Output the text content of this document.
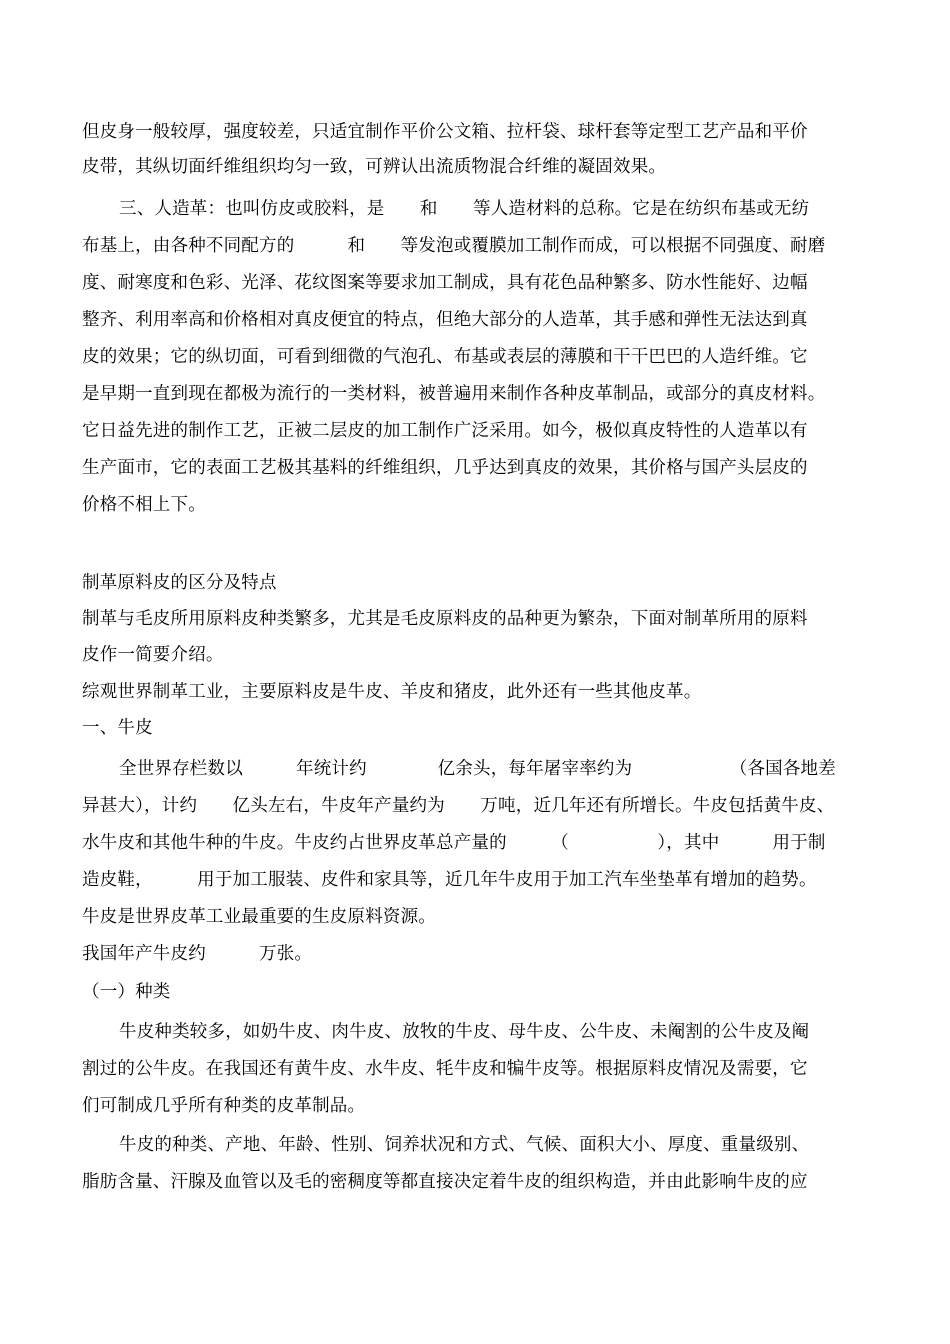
但皮身一般较厚，强度较差，只适宜制作平价公文箱、拉杆袋、球杆套等定型工艺产品和平价
皮带，其纵切面纤维组织均匀一致，可辨认出流质物混合纤维的凝固效果。
三、人造革：也叫仿皮或胶料，是　　和　　等人造材料的总称。它是在纺织布基或无纺
布基上，由各种不同配方的　　　和　　等发泡或覆膜加工制作而成，可以根据不同强度、耐磨
度、耐寒度和色彩、光泽、花纹图案等要求加工制成，具有花色品种繁多、防水性能好、边幅
整齐、利用率高和价格相对真皮便宜的特点，但绝大部分的人造革，其手感和弹性无法达到真
皮的效果；它的纵切面，可看到细微的气泡孔、布基或表层的薄膜和干干巴巴的人造纤维。它
是早期一直到现在都极为流行的一类材料，被普遍用来制作各种皮革制品，或部分的真皮材料。
它日益先进的制作工艺，正被二层皮的加工制作广泛采用。如今，极似真皮特性的人造革以有
生产面市，它的表面工艺极其基料的纤维组织，几乎达到真皮的效果，其价格与国产头层皮的
价格不相上下。
制革原料皮的区分及特点
制革与毛皮所用原料皮种类繁多，尤其是毛皮原料皮的品种更为繁杂，下面对制革所用的原料
皮作一简要介绍。
综观世界制革工业，主要原料皮是牛皮、羊皮和猪皮，此外还有一些其他皮革。
一、牛皮
全世界存栏数以　　　年统计约　　　　亿余头，每年屠宰率约为　　　　　　（各国各地差
异甚大），计约　　亿头左右，牛皮年产量约为　　万吨，近几年还有所增长。牛皮包括黄牛皮、
水牛皮和其他牛种的牛皮。牛皮约占世界皮革总产量的　　　（　　　　　），其中　　　用于制
造皮鞋，　　　用于加工服装、皮件和家具等，近几年牛皮用于加工汽车坐垫革有增加的趋势。
牛皮是世界皮革工业最重要的生皮原料资源。
我国年产牛皮约　　　万张。
（一）种类
牛皮种类较多，如奶牛皮、肉牛皮、放牧的牛皮、母牛皮、公牛皮、未阉割的公牛皮及阉
割过的公牛皮。在我国还有黄牛皮、水牛皮、牦牛皮和犏牛皮等。根据原料皮情况及需要，它
们可制成几乎所有种类的皮革制品。
牛皮的种类、产地、年龄、性别、饲养状况和方式、气候、面积大小、厚度、重量级别、
脂肪含量、汗腺及血管以及毛的密稠度等都直接决定着牛皮的组织构造，并由此影响牛皮的应
